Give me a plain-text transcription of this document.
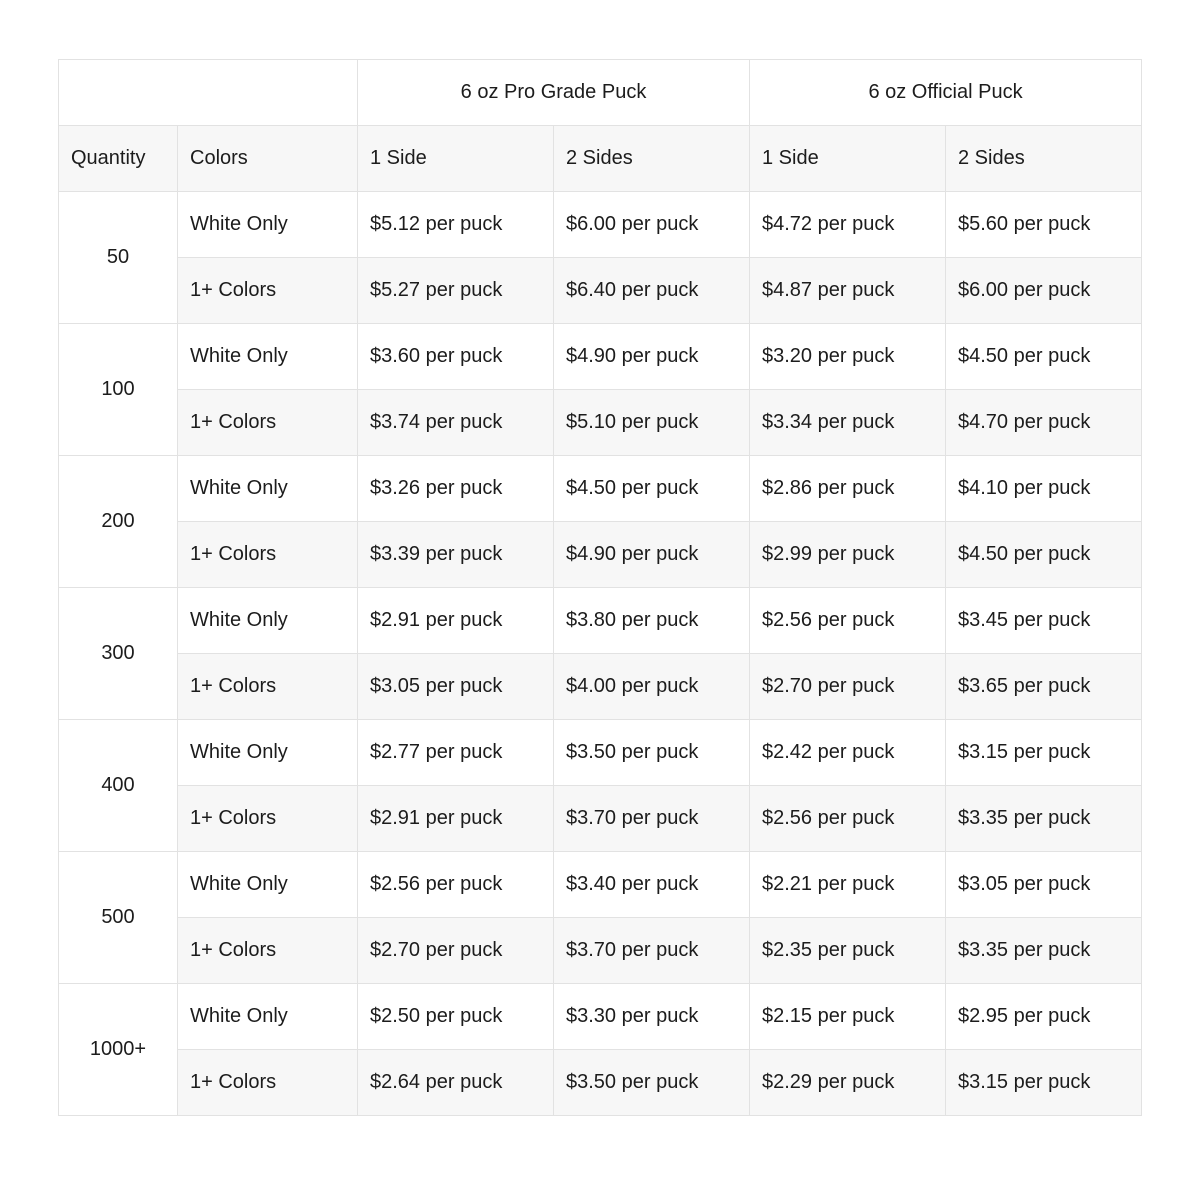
		6 oz Pro Grade Puck		6 oz Official Puck	
Quantity	Colors	1 Side	2 Sides	1 Side	2 Sides
50	White Only	$5.12 per puck	$6.00 per puck	$4.72 per puck	$5.60 per puck
	1+ Colors	$5.27 per puck	$6.40 per puck	$4.87 per puck	$6.00 per puck
100	White Only	$3.60 per puck	$4.90 per puck	$3.20 per puck	$4.50 per puck
	1+ Colors	$3.74 per puck	$5.10 per puck	$3.34 per puck	$4.70 per puck
200	White Only	$3.26 per puck	$4.50 per puck	$2.86 per puck	$4.10 per puck
	1+ Colors	$3.39 per puck	$4.90 per puck	$2.99 per puck	$4.50 per puck
300	White Only	$2.91 per puck	$3.80 per puck	$2.56 per puck	$3.45 per puck
	1+ Colors	$3.05 per puck	$4.00 per puck	$2.70 per puck	$3.65 per puck
400	White Only	$2.77 per puck	$3.50 per puck	$2.42 per puck	$3.15 per puck
	1+ Colors	$2.91 per puck	$3.70 per puck	$2.56 per puck	$3.35 per puck
500	White Only	$2.56 per puck	$3.40 per puck	$2.21 per puck	$3.05 per puck
	1+ Colors	$2.70 per puck	$3.70 per puck	$2.35 per puck	$3.35 per puck
1000+	White Only	$2.50 per puck	$3.30 per puck	$2.15 per puck	$2.95 per puck
	1+ Colors	$2.64 per puck	$3.50 per puck	$2.29 per puck	$3.15 per puck
